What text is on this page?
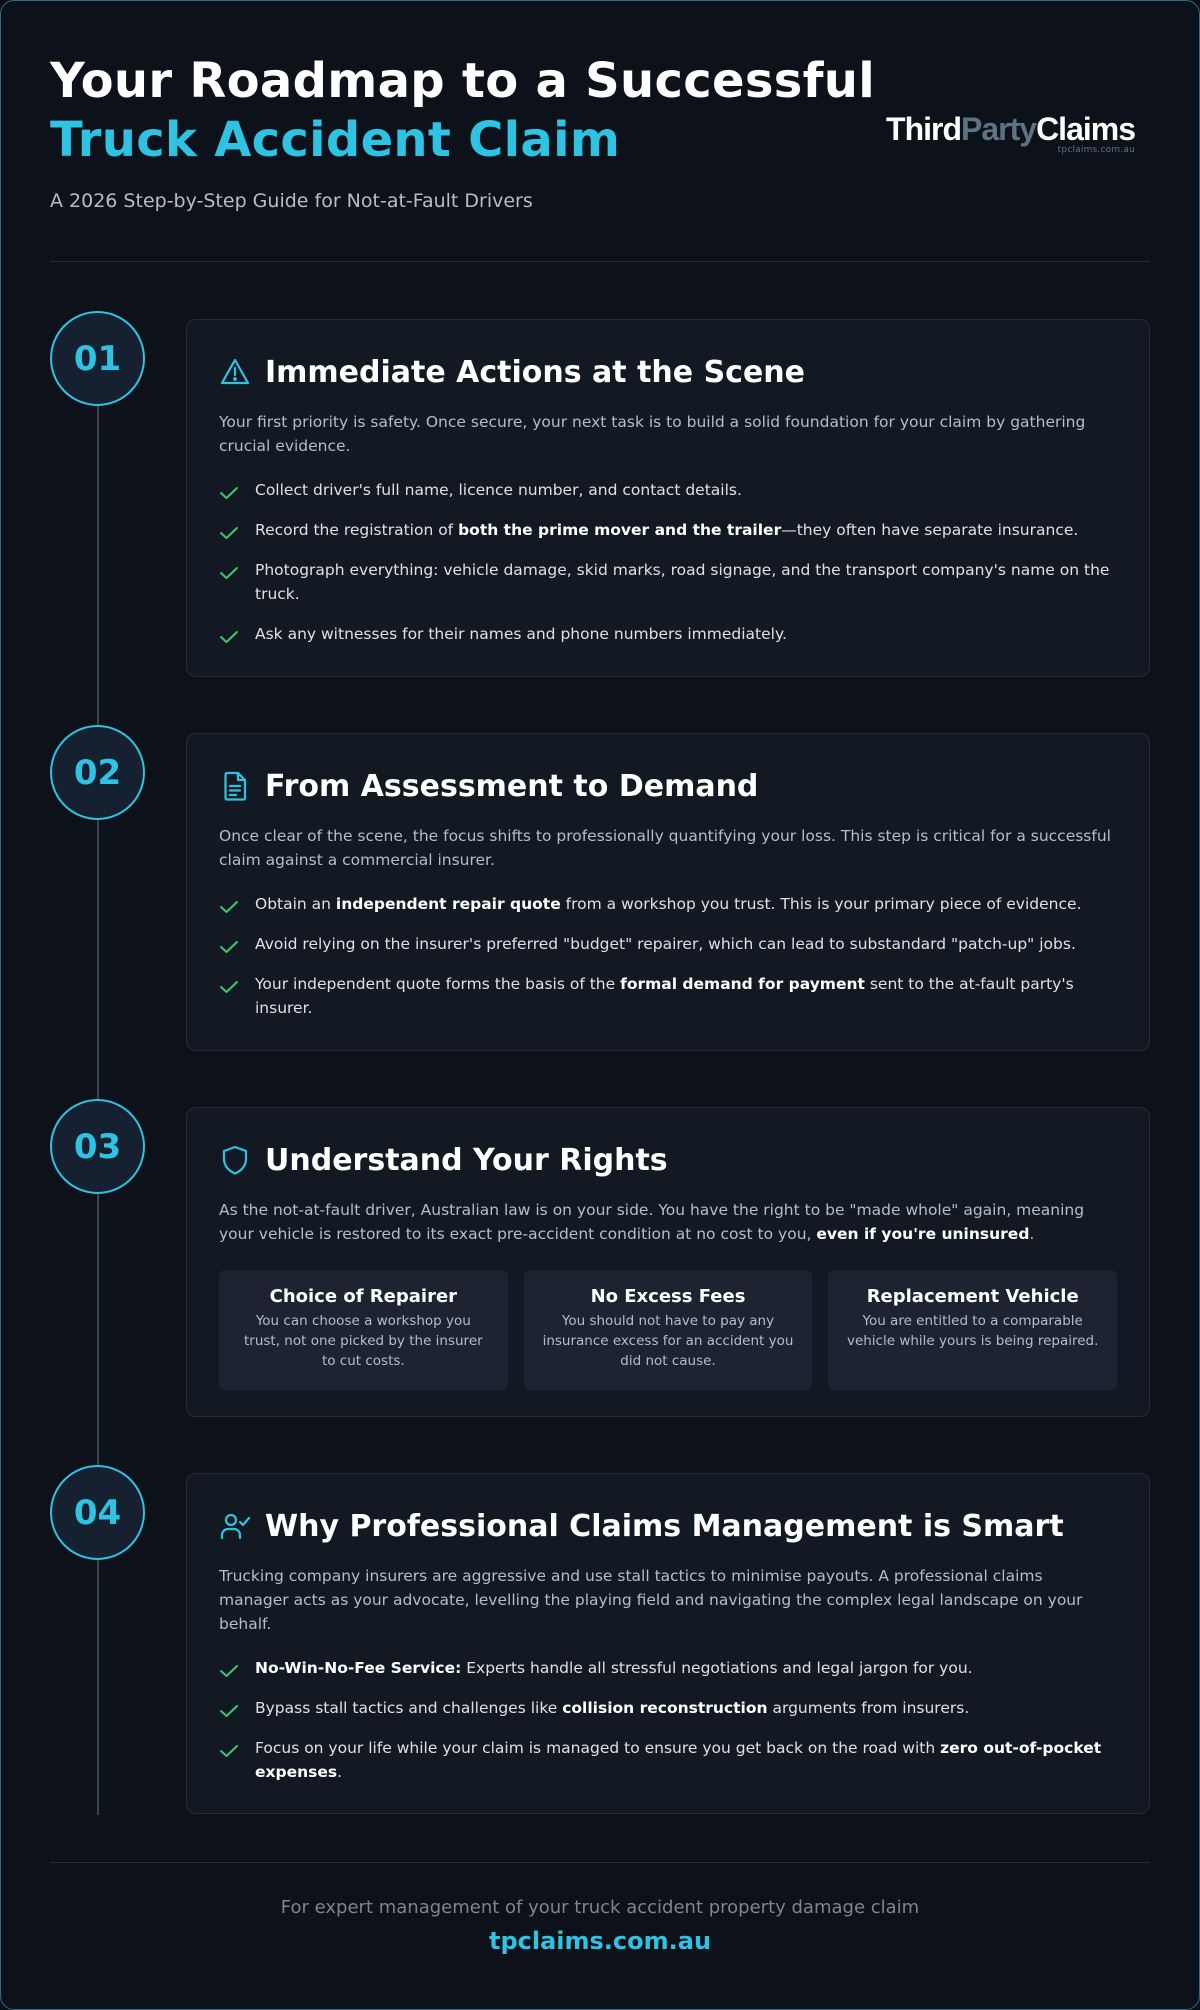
Your Roadmap to a Successful
Truck Accident Claim
A 2026 Step-by-Step Guide for Not-at-Fault Drivers
ThirdPartyClaims
tpclaims.com.au
01	Immediate Actions at the Scene

Your first priority is safety. Once secure, your next task is to build a solid foundation for your claim by gathering crucial evidence.

Collect driver's full name, licence number, and contact details.
Record the registration of both the prime mover and the trailer—they often have separate insurance.
Photograph everything: vehicle damage, skid marks, road signage, and the transport company's name on the truck.
Ask any witnesses for their names and phone numbers immediately.
02	From Assessment to Demand

Once clear of the scene, the focus shifts to professionally quantifying your loss. This step is critical for a successful claim against a commercial insurer.

Obtain an independent repair quote from a workshop you trust. This is your primary piece of evidence.
Avoid relying on the insurer's preferred "budget" repairer, which can lead to substandard "patch-up" jobs.
Your independent quote forms the basis of the formal demand for payment sent to the at-fault party's insurer.
03	Understand Your Rights

As the not-at-fault driver, Australian law is on your side. You have the right to be "made whole" again, meaning your vehicle is restored to its exact pre-accident condition at no cost to you, even if you're uninsured.

Choice of Repairer
You can choose a workshop you trust, not one picked by the insurer to cut costs.
No Excess Fees
You should not have to pay any insurance excess for an accident you did not cause.
Replacement Vehicle
You are entitled to a comparable vehicle while yours is being repaired.
04	Why Professional Claims Management is Smart

Trucking company insurers are aggressive and use stall tactics to minimise payouts. A professional claims manager acts as your advocate, levelling the playing field and navigating the complex legal landscape on your behalf.

No-Win-No-Fee Service: Experts handle all stressful negotiations and legal jargon for you.
Bypass stall tactics and challenges like collision reconstruction arguments from insurers.
Focus on your life while your claim is managed to ensure you get back on the road with zero out-of-pocket expenses.
For expert management of your truck accident property damage claim
tpclaims.com.au
